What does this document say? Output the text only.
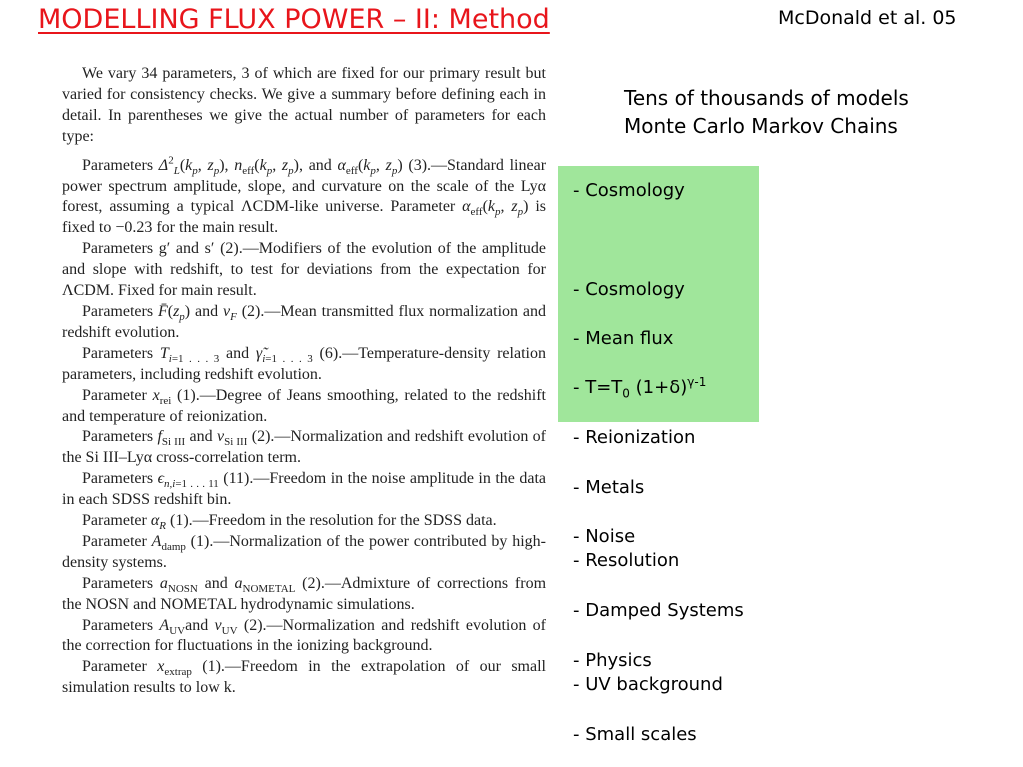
MODELLING FLUX POWER – II: Method	McDonald et al. 05

We vary 34 parameters, 3 of which are fixed for our primary result but varied for consistency checks. We give a summary before defining each in detail. In parentheses we give the actual number of parameters for each type:

Parameters $\Delta^2_L(k_p$, $z_p$), $n_{eff}(k_p$, $z_p$), and $\alpha_{eff}(k_p$, $z_p$) (3).—Standard linear power spectrum amplitude, slope, and curvature on the scale of the Lyα forest, assuming a typical ΛCDM-like universe. Parameter $\alpha_{eff}(k_p$, $z_p$) is fixed to −0.23 for the main result.

Parameters g′ and s′ (2).—Modifiers of the evolution of the amplitude and slope with redshift, to test for deviations from the expectation for ΛCDM. Fixed for main result.

Parameters $F̄(z_p)$ and $\nu_F$ (2).—Mean transmitted flux normalization and redshift evolution.

Parameters $T_{i=1 . . . 3}$ and $\gammã_{i=1 . . . 3}$ (6).—Temperature-density relation parameters, including redshift evolution.

Parameter $x_{rei}$ (1).—Degree of Jeans smoothing, related to the redshift and temperature of reionization.

Parameters $f_{Si III}$ and $\nu_{Si III}$ (2).—Normalization and redshift evolution of the Si III–Lyα cross-correlation term.

Parameters $\epsilon_{n,i=1 . . . 11}$ (11).—Freedom in the noise amplitude in the data in each SDSS redshift bin.

Parameter $\alpha_R$ (1).—Freedom in the resolution for the SDSS data.

Parameter $A_{damp}$ (1).—Normalization of the power contributed by high-density systems.

Parameters $a_{NOSN}$ and $a_{NOMETAL}$ (2).—Admixture of corrections from the NOSN and NOMETAL hydrodynamic simulations.

Parameters $A_{UV}and$ $\nu_{UV}$ (2).—Normalization and redshift evolution of the correction for fluctuations in the ionizing background.

Parameter $x_{extrap}$ (1).—Freedom in the extrapolation of our small simulation results to low k.

Tens of thousands of models
Monte Carlo Markov Chains
- Cosmology
- Cosmology
- Mean flux
- $T=T_0$ $(1+\delta)^{\gamma-1}$
- Reionization
- Metals
- Noise
- Resolution
- Damped Systems
- Physics
- UV background
- Small scales
